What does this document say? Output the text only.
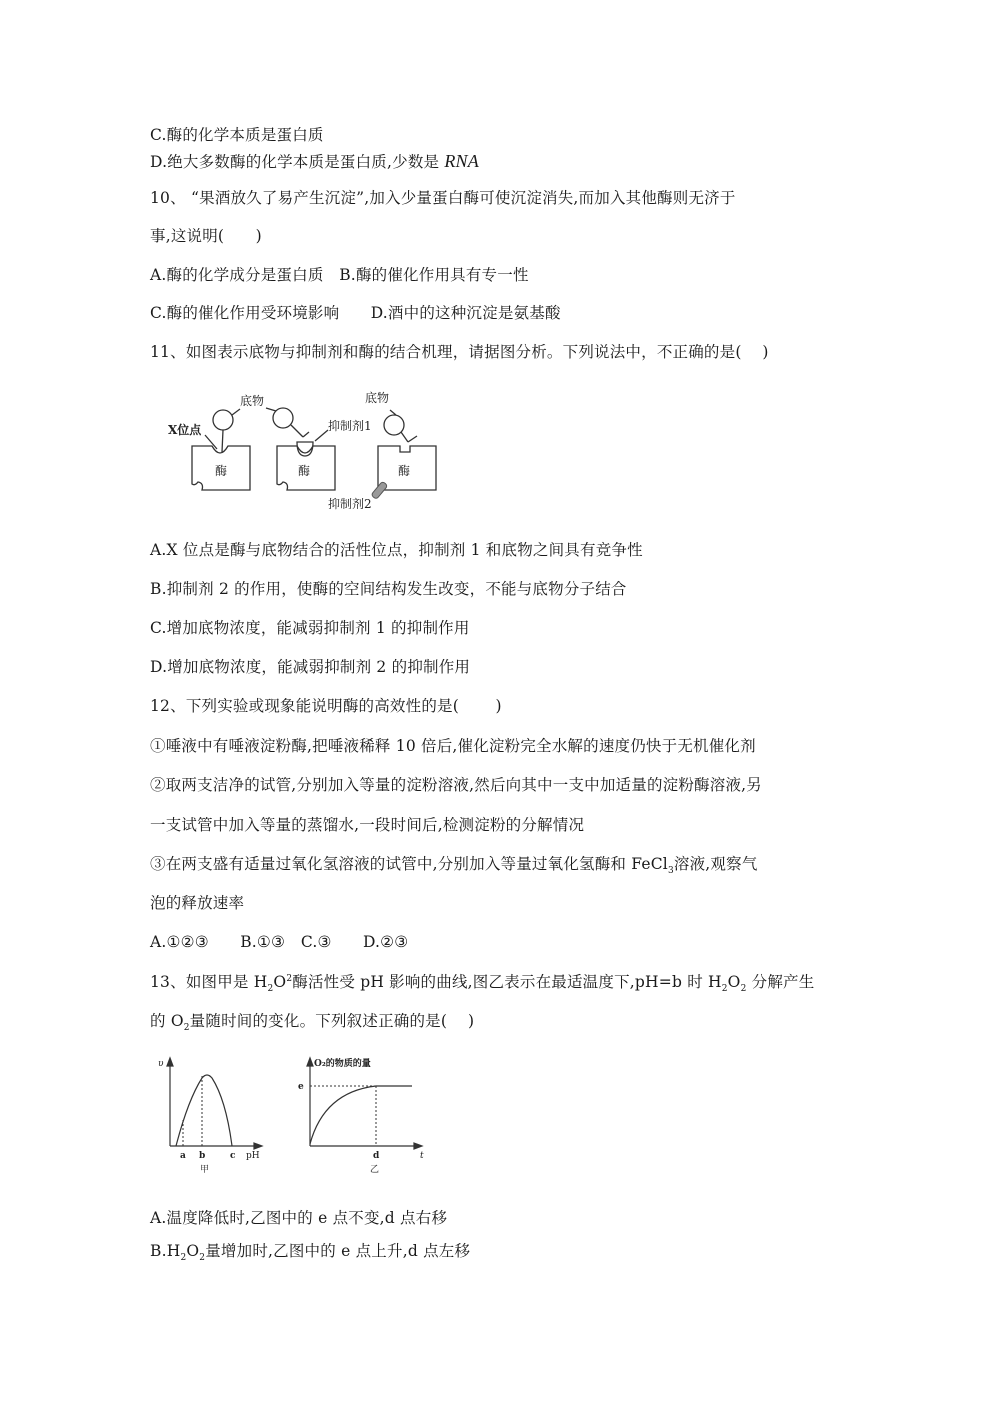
C.酶的化学本质是蛋白质
D.绝大多数酶的化学本质是蛋白质,少数是 RNA
10、 “果酒放久了易产生沉淀”,加入少量蛋白酶可使沉淀消失,而加入其他酶则无济于
事,这说明(　　)
A.酶的化学成分是蛋白质　B.酶的催化作用具有专一性
C.酶的催化作用受环境影响　　D.酒中的这种沉淀是氨基酸
11、如图表示底物与抑制剂和酶的结合机理，请据图分析。下列说法中，不正确的是(　 )
X位点
底物
抑制剂1
底物
抑制剂2
酶	酶	酶
A.X 位点是酶与底物结合的活性位点，抑制剂 1 和底物之间具有竞争性
B.抑制剂 2 的作用，使酶的空间结构发生改变，不能与底物分子结合
C.增加底物浓度，能减弱抑制剂 1 的抑制作用
D.增加底物浓度，能减弱抑制剂 2 的抑制作用
12、下列实验或现象能说明酶的高效性的是(　　 )
①唾液中有唾液淀粉酶,把唾液稀释 10 倍后,催化淀粉完全水解的速度仍快于无机催化剂
②取两支洁净的试管,分别加入等量的淀粉溶液,然后向其中一支中加适量的淀粉酶溶液,另
一支试管中加入等量的蒸馏水,一段时间后,检测淀粉的分解情况
③在两支盛有适量过氧化氢溶液的试管中,分别加入等量过氧化氢酶和 FeCl$_3$溶液,观察气
泡的释放速率
A.①②③　　B.①③　C.③　　D.②③
13、如图甲是 $H_2O^2$酶活性受 pH 影响的曲线,图乙表示在最适温度下,pH=b 时 $H_2O_2$ 分解产生
的 $O_2$量随时间的变化。下列叙述正确的是(　 )
υ
a b	c pH
甲
O₂的物质的量
e
d	t
乙
A.温度降低时,乙图中的 e 点不变,d 点右移
$B.H_2O_2$量增加时,乙图中的 e 点上升,d 点左移
